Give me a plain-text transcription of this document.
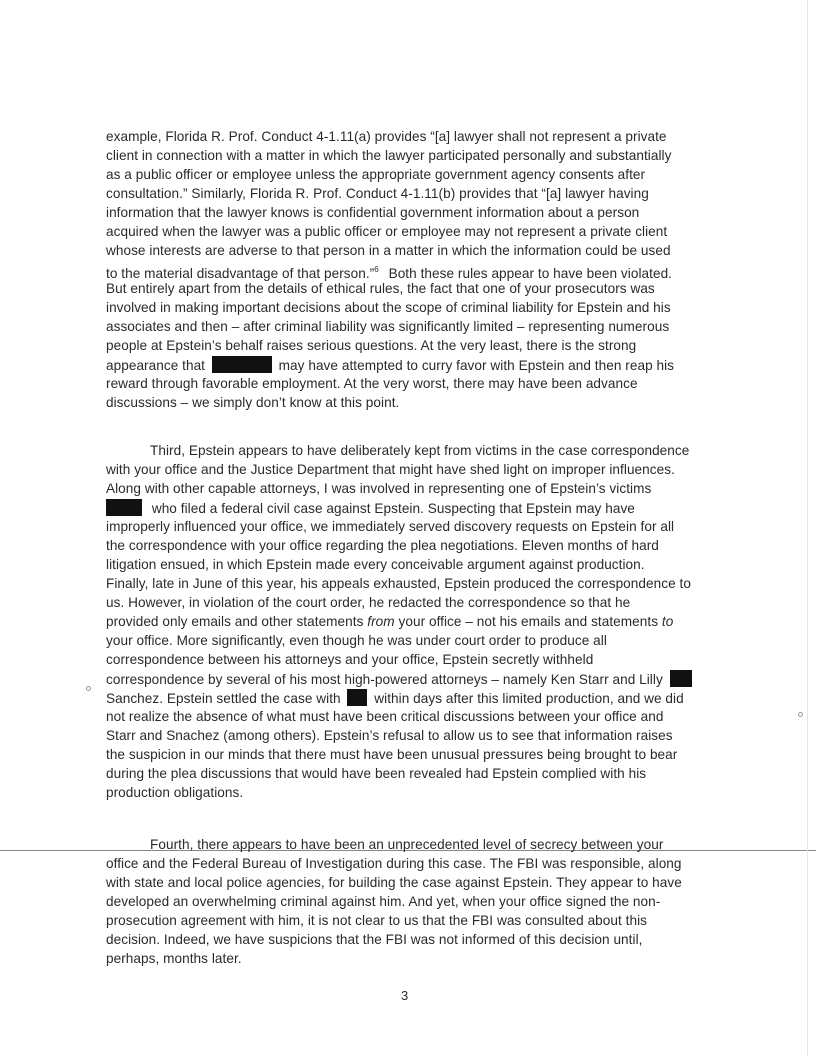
example, Florida R. Prof. Conduct 4-1.11(a) provides “[a] lawyer shall not represent a private
client in connection with a matter in which the lawyer participated personally and substantially
as a public officer or employee unless the appropriate government agency consents after
consultation.” Similarly, Florida R. Prof. Conduct 4-1.11(b) provides that “[a] lawyer having
information that the lawyer knows is confidential government information about a person
acquired when the lawyer was a public officer or employee may not represent a private client
whose interests are adverse to that person in a matter in which the information could be used
to the material disadvantage of that person.”$^6$ Both these rules appear to have been violated.
But entirely apart from the details of ethical rules, the fact that one of your prosecutors was
involved in making important decisions about the scope of criminal liability for Epstein and his
associates and then – after criminal liability was significantly limited – representing numerous
people at Epstein’s behalf raises serious questions. At the very least, there is the strong
appearance that	may have attempted to curry favor with Epstein and then reap his
reward through favorable employment. At the very worst, there may have been advance
discussions – we simply don’t know at this point.
Third, Epstein appears to have deliberately kept from victims in the case correspondence
with your office and the Justice Department that might have shed light on improper influences.
Along with other capable attorneys, I was involved in representing one of Epstein’s victims
who filed a federal civil case against Epstein. Suspecting that Epstein may have
improperly influenced your office, we immediately served discovery requests on Epstein for all
the correspondence with your office regarding the plea negotiations. Eleven months of hard
litigation ensued, in which Epstein made every conceivable argument against production.
Finally, late in June of this year, his appeals exhausted, Epstein produced the correspondence to
us. However, in violation of the court order, he redacted the correspondence so that he
provided only emails and other statements from your office – not his emails and statements to
your office. More significantly, even though he was under court order to produce all
correspondence between his attorneys and your office, Epstein secretly withheld
correspondence by several of his most high-powered attorneys – namely Ken Starr and Lilly
Sanchez. Epstein settled the case with within days after this limited production, and we did
not realize the absence of what must have been critical discussions between your office and
Starr and Snachez (among others). Epstein’s refusal to allow us to see that information raises
the suspicion in our minds that there must have been unusual pressures being brought to bear
during the plea discussions that would have been revealed had Epstein complied with his
production obligations.
Fourth, there appears to have been an unprecedented level of secrecy between your
office and the Federal Bureau of Investigation during this case. The FBI was responsible, along
with state and local police agencies, for building the case against Epstein. They appear to have
developed an overwhelming criminal against him. And yet, when your office signed the non-
prosecution agreement with him, it is not clear to us that the FBI was consulted about this
decision. Indeed, we have suspicions that the FBI was not informed of this decision until,
perhaps, months later.
3
